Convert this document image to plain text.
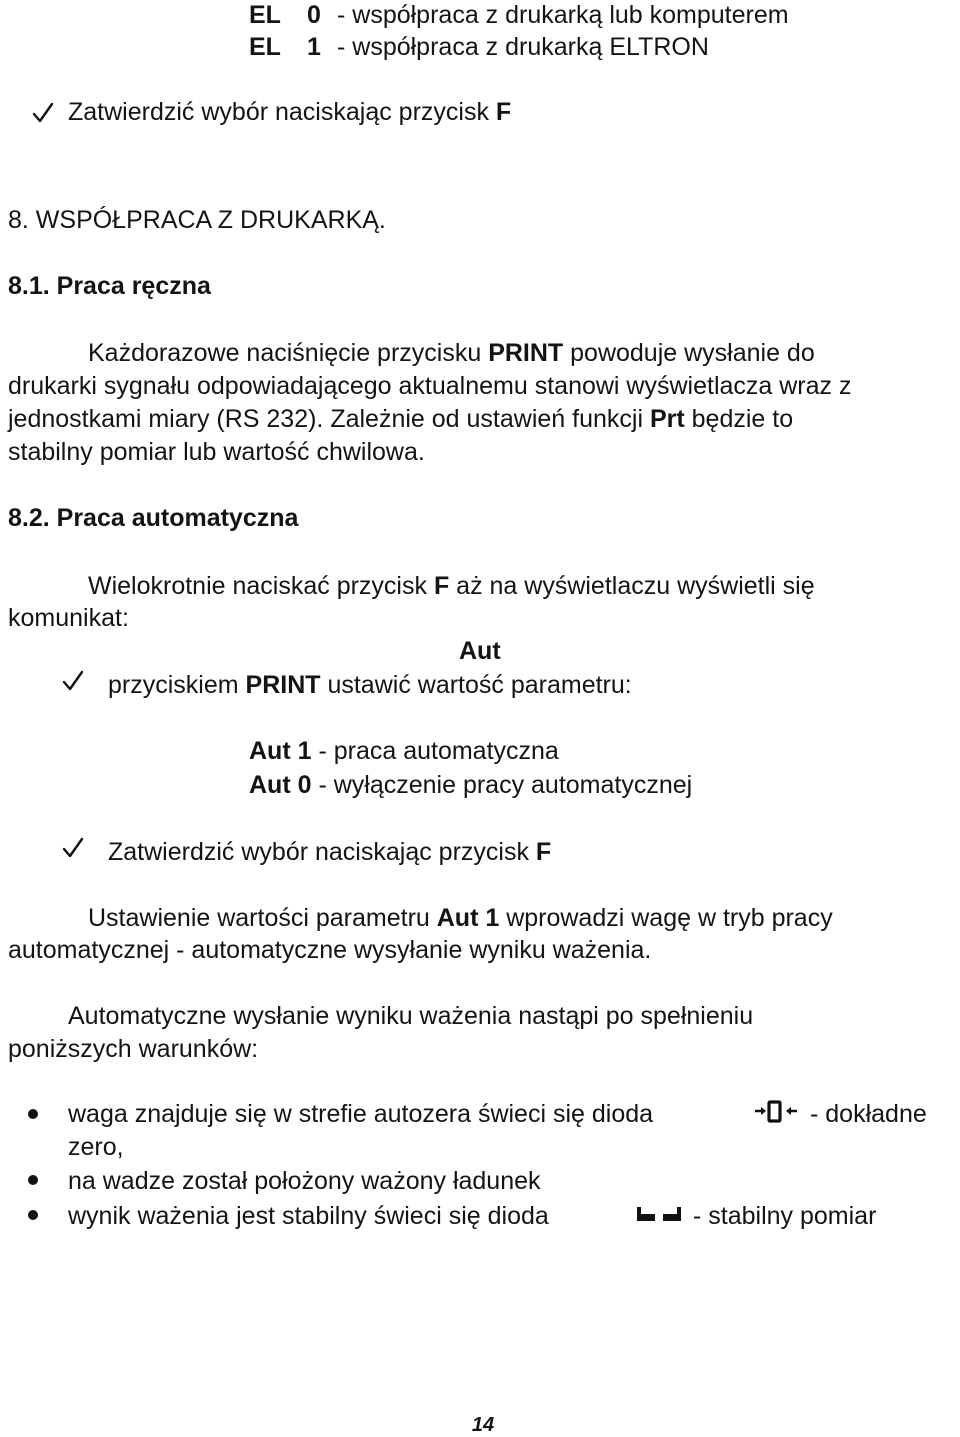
EL 0 - współpraca z drukarką lub komputerem
EL 1 - współpraca z drukarką ELTRON
Zatwierdzić wybór naciskając przycisk F
8. WSPÓŁPRACA Z DRUKARKĄ.
8.1. Praca ręczna
Każdorazowe naciśnięcie przycisku PRINT powoduje wysłanie do
drukarki sygnału odpowiadającego aktualnemu stanowi wyświetlacza wraz z
jednostkami miary (RS 232). Zależnie od ustawień funkcji Prt będzie to
stabilny pomiar lub wartość chwilowa.
8.2. Praca automatyczna
Wielokrotnie naciskać przycisk F aż na wyświetlaczu wyświetli się
komunikat:
Aut
przyciskiem PRINT ustawić wartość parametru:
Aut 1 - praca automatyczna
Aut 0 - wyłączenie pracy automatycznej
Zatwierdzić wybór naciskając przycisk F
Ustawienie wartości parametru Aut 1 wprowadzi wagę w tryb pracy
automatycznej - automatyczne wysyłanie wyniku ważenia.
Automatyczne wysłanie wyniku ważenia nastąpi po spełnieniu
poniższych warunków:
waga znajduje się w strefie autozera świeci się dioda	- dokładne
zero,
na wadze został położony ważony ładunek
wynik ważenia jest stabilny świeci się dioda	- stabilny pomiar
14
